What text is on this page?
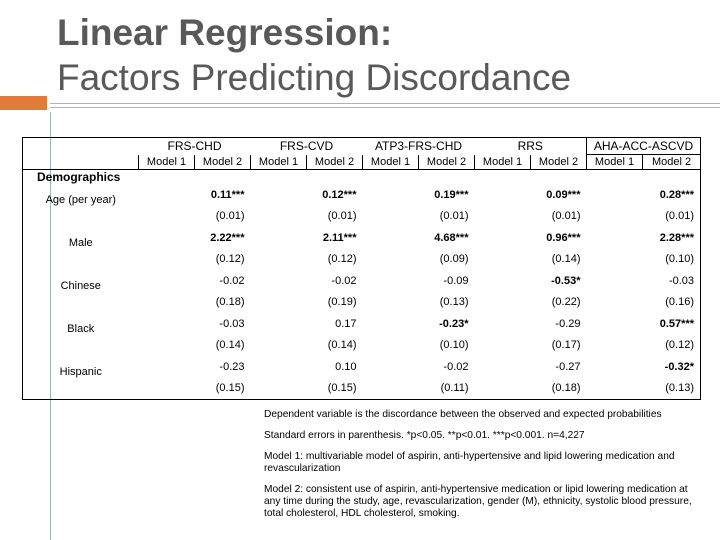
Linear Regression:
Factors Predicting Discordance
	FRS-CHD		FRS-CVD		ATP3-FRS-CHD		RRS		AHA-ACC-ASCVD	
	Model 1	Model 2	Model 1	Model 2	Model 1	Model 2	Model 1	Model 2	Model 1	Model 2
Demographics										
Age (per year)		0.11***		0.12***		0.19***		0.09***		0.28***
		(0.01)		(0.01)		(0.01)		(0.01)		(0.01)
Male		2.22***		2.11***		4.68***		0.96***		2.28***
		(0.12)		(0.12)		(0.09)		(0.14)		(0.10)
Chinese		-0.02		-0.02		-0.09		-0.53*		-0.03
		(0.18)		(0.19)		(0.13)		(0.22)		(0.16)
Black		-0.03		0.17		-0.23*		-0.29		0.57***
		(0.14)		(0.14)		(0.10)		(0.17)		(0.12)
Hispanic		-0.23		0.10		-0.02		-0.27		-0.32*
		(0.15)		(0.15)		(0.11)		(0.18)		(0.13)

Dependent variable is the discordance between the observed and expected probabilities

Standard errors in parenthesis. *p<0.05. **p<0.01. ***p<0.001. n=4,227

Model 1: multivariable model of aspirin, anti-hypertensive and lipid lowering medication and revascularization

Model 2: consistent use of aspirin, anti-hypertensive medication or lipid lowering medication at any time during the study, age, revascularization, gender (M), ethnicity, systolic blood pressure, total cholesterol, HDL cholesterol, smoking.
